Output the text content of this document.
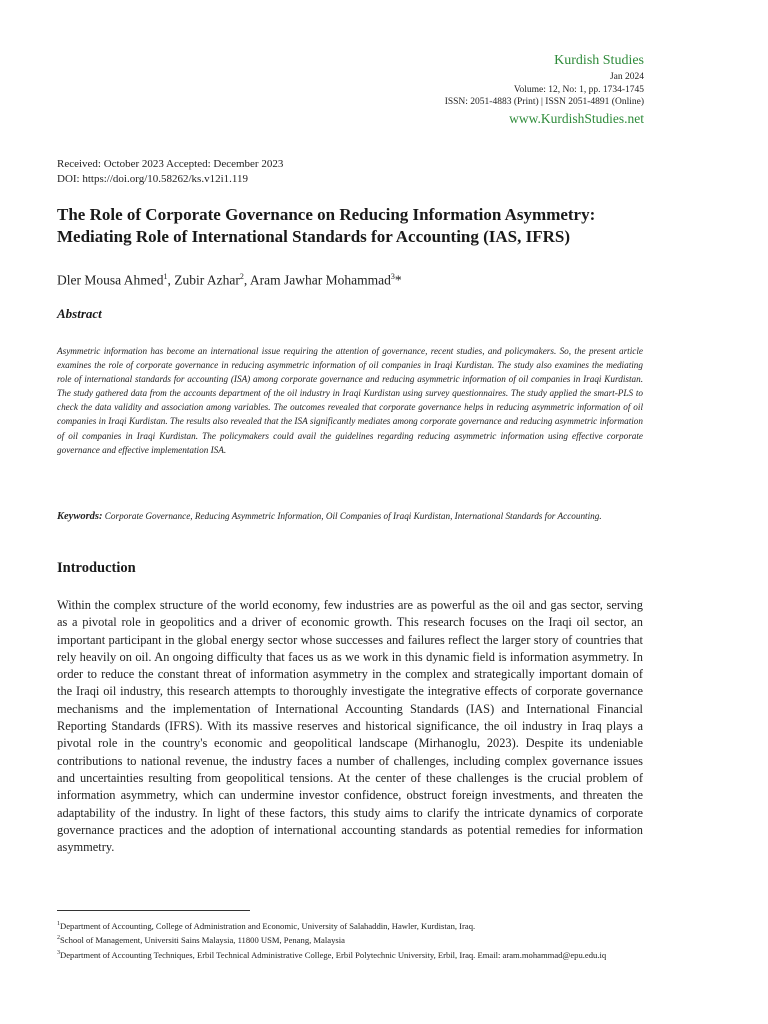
Kurdish Studies
Jan 2024
Volume: 12, No: 1, pp. 1734-1745
ISSN: 2051-4883 (Print) | ISSN 2051-4891 (Online)
www.KurdishStudies.net
Received: October 2023 Accepted: December 2023
DOI: https://doi.org/10.58262/ks.v12i1.119
The Role of Corporate Governance on Reducing Information Asymmetry:
Mediating Role of International Standards for Accounting (IAS, IFRS)
Dler Mousa Ahmed$^1$, Zubir Azhar$^2$, Aram Jawhar Mohammad$^3$*
Abstract
Asymmetric information has become an international issue requiring the attention of governance, recent studies, and policymakers. So, the present article examines the role of corporate governance in reducing asymmetric information of oil companies in Iraqi Kurdistan. The study also examines the mediating role of international standards for accounting (ISA) among corporate governance and reducing asymmetric information of oil companies in Iraqi Kurdistan. The study gathered data from the accounts department of the oil industry in Iraqi Kurdistan using survey questionnaires. The study applied the smart-PLS to check the data validity and association among variables. The outcomes revealed that corporate governance helps in reducing asymmetric information of oil companies in Iraqi Kurdistan. The results also revealed that the ISA significantly mediates among corporate governance and reducing asymmetric information of oil companies in Iraqi Kurdistan. The policymakers could avail the guidelines regarding reducing asymmetric information using effective corporate governance and effective implementation ISA.
Keywords: Corporate Governance, Reducing Asymmetric Information, Oil Companies of Iraqi Kurdistan, International Standards for Accounting.
Introduction
Within the complex structure of the world economy, few industries are as powerful as the oil and gas sector, serving as a pivotal role in geopolitics and a driver of economic growth. This research focuses on the Iraqi oil sector, an important participant in the global energy sector whose successes and failures reflect the larger story of countries that rely heavily on oil. An ongoing difficulty that faces us as we work in this dynamic field is information asymmetry. In order to reduce the constant threat of information asymmetry in the complex and strategically important domain of the Iraqi oil industry, this research attempts to thoroughly investigate the integrative effects of corporate governance mechanisms and the implementation of International Accounting Standards (IAS) and International Financial Reporting Standards (IFRS). With its massive reserves and historical significance, the oil industry in Iraq plays a pivotal role in the country's economic and geopolitical landscape (Mirhanoglu, 2023). Despite its undeniable contributions to national revenue, the industry faces a number of challenges, including complex governance issues and uncertainties resulting from geopolitical tensions. At the center of these challenges is the crucial problem of information asymmetry, which can undermine investor confidence, obstruct foreign investments, and threaten the adaptability of the industry. In light of these factors, this study aims to clarify the intricate dynamics of corporate governance practices and the adoption of international accounting standards as potential remedies for information asymmetry.

$^1$Department of Accounting, College of Administration and Economic, University of Salahaddin, Hawler, Kurdistan, Iraq.

$^2$School of Management, Universiti Sains Malaysia, 11800 USM, Penang, Malaysia

$^3$Department of Accounting Techniques, Erbil Technical Administrative College, Erbil Polytechnic University, Erbil, Iraq. Email: aram.mohammad@epu.edu.iq
